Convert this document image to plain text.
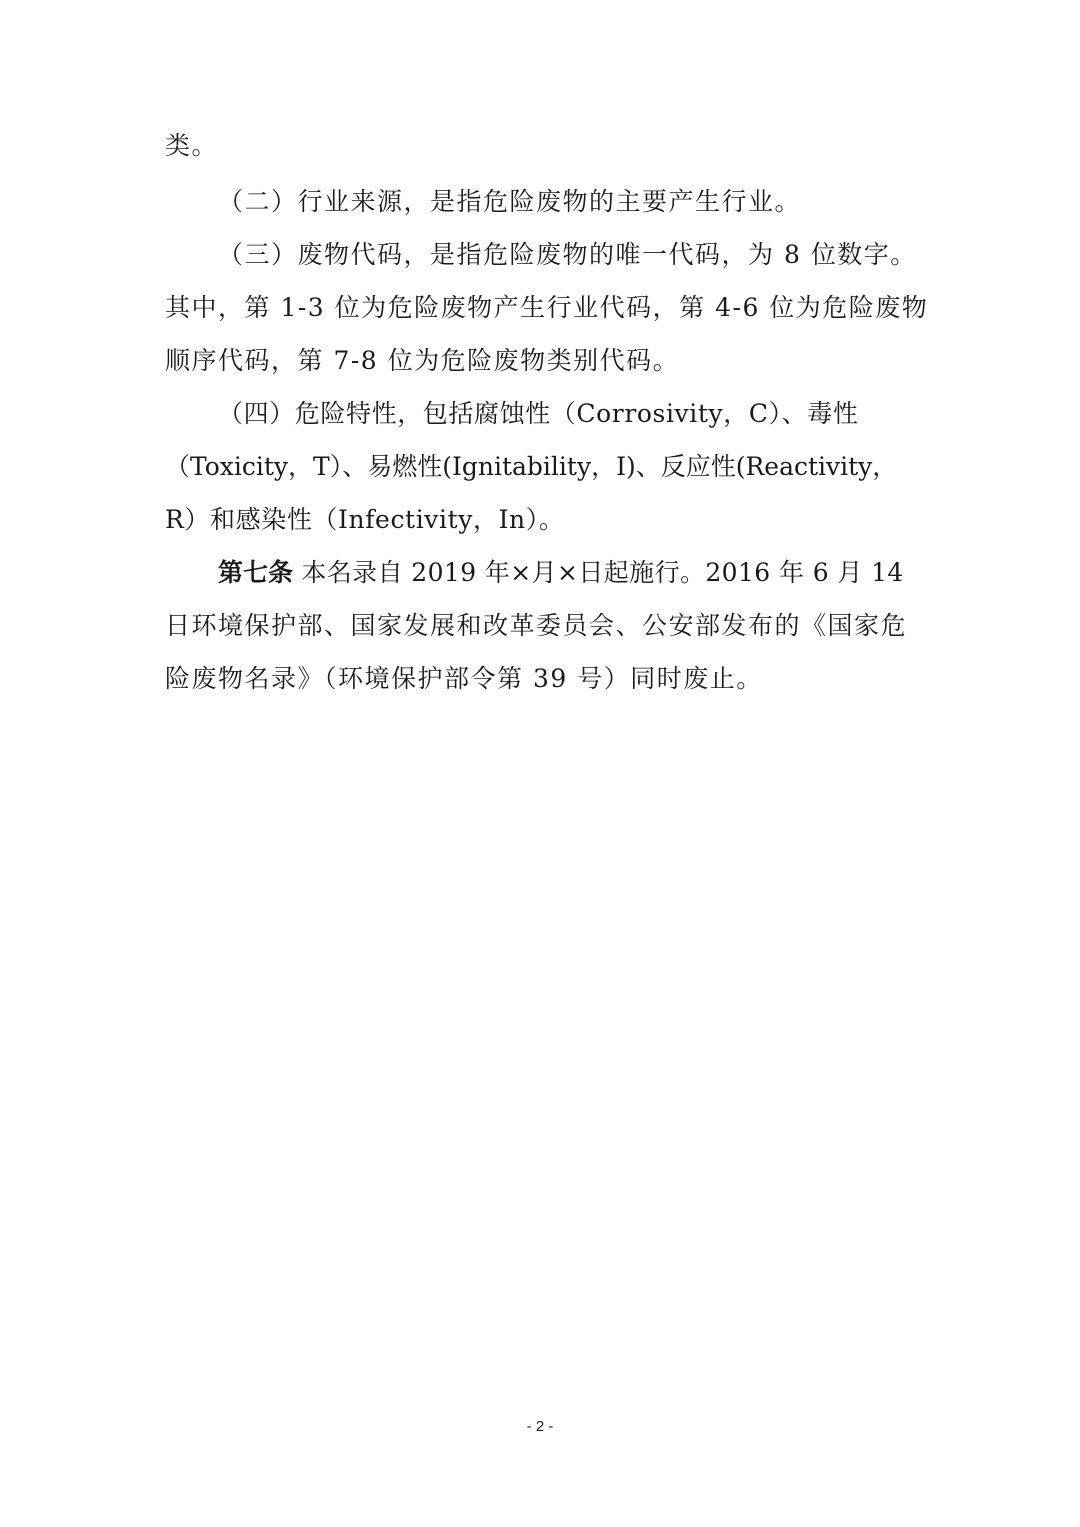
类。
（二）行业来源，是指危险废物的主要产生行业。
（三）废物代码，是指危险废物的唯一代码，为 8 位数字。
其中，第 1-3 位为危险废物产生行业代码，第 4-6 位为危险废物
顺序代码，第 7-8 位为危险废物类别代码。
（四）危险特性，包括腐蚀性（Corrosivity，C）、毒性
（Toxicity，T）、易燃性(Ignitability，I)、反应性(Reactivity，
R）和感染性（Infectivity，In）。
第七条 本名录自 2019 年×月×日起施行。2016 年 6 月 14
日环境保护部、国家发展和改革委员会、公安部发布的《国家危
险废物名录》（环境保护部令第 39 号）同时废止。
- 2 -
